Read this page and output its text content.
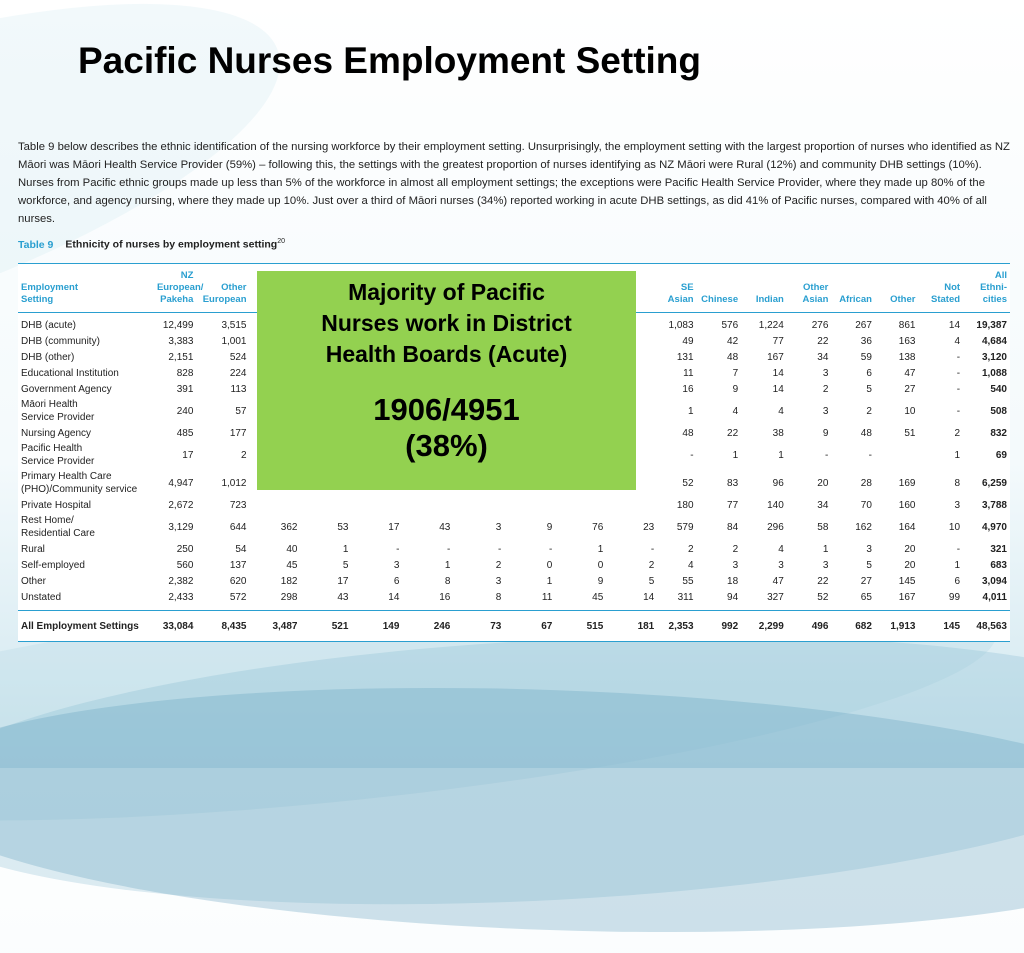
Pacific Nurses Employment Setting

Table 9 below describes the ethnic identification of the nursing workforce by their employment setting. Unsurprisingly, the employment setting with the largest proportion of nurses who identified as NZ Māori was Māori Health Service Provider (59%) – following this, the settings with the greatest proportion of nurses identifying as NZ Māori were Rural (12%) and community DHB settings (10%). Nurses from Pacific ethnic groups made up less than 5% of the workforce in almost all employment settings; the exceptions were Pacific Health Service Provider, where they made up 80% of the workforce, and agency nursing, where they made up 10%. Just over a third of Māori nurses (34%) reported working in acute DHB settings, as did 41% of Pacific nurses, compared with 40% of all nurses.

Table 9 Ethnicity of nurses by employment setting$^{20}$
Employment
Setting	NZ
European/
Pakeha	Other
European									SE
Asian	Chinese	Indian	Other
Asian	African	Other	Not
Stated	All
Ethni-
cities
DHB (acute)	12,499	3,515									1,083	576	1,224	276	267	861	14	19,387
DHB (community)	3,383	1,001									49	42	77	22	36	163	4	4,684
DHB (other)	2,151	524									131	48	167	34	59	138	-	3,120
Educational Institution	828	224									11	7	14	3	6	47	-	1,088
Government Agency	391	113									16	9	14	2	5	27	-	540
Māori Health
Service Provider	240	57									1	4	4	3	2	10	-	508
Nursing Agency	485	177									48	22	38	9	48	51	2	832
Pacific Health
Service Provider	17	2									-	1	1	-	-		1	69
Primary Health Care
(PHO)/Community service	4,947	1,012									52	83	96	20	28	169	8	6,259
Private Hospital	2,672	723									180	77	140	34	70	160	3	3,788
Rest Home/
Residential Care	3,129	644	362	53	17	43	3	9	76	23	579	84	296	58	162	164	10	4,970
Rural	250	54	40	1	-	-	-	-	1	-	2	2	4	1	3	20	-	321
Self-employed	560	137	45	5	3	1	2	0	0	2	4	3	3	3	5	20	1	683
Other	2,382	620	182	17	6	8	3	1	9	5	55	18	47	22	27	145	6	3,094
Unstated	2,433	572	298	43	14	16	8	11	45	14	311	94	327	52	65	167	99	4,011
All Employment Settings	33,084	8,435	3,487	521	149	246	73	67	515	181	2,353	992	2,299	496	682	1,913	145	48,563
Majority of Pacific
Nurses work in District
Health Boards (Acute)
1906/4951
(38%)
